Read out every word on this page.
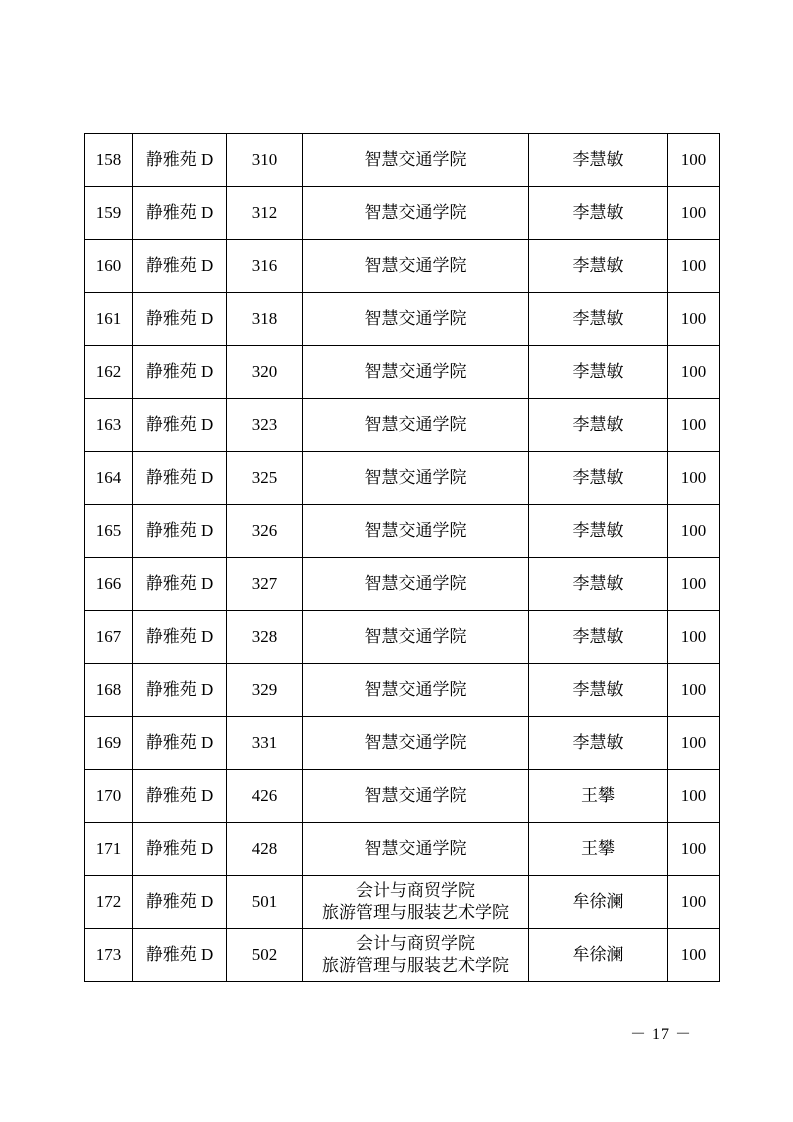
158	静雅苑 D	310	智慧交通学院	李慧敏	100
159	静雅苑 D	312	智慧交通学院	李慧敏	100
160	静雅苑 D	316	智慧交通学院	李慧敏	100
161	静雅苑 D	318	智慧交通学院	李慧敏	100
162	静雅苑 D	320	智慧交通学院	李慧敏	100
163	静雅苑 D	323	智慧交通学院	李慧敏	100
164	静雅苑 D	325	智慧交通学院	李慧敏	100
165	静雅苑 D	326	智慧交通学院	李慧敏	100
166	静雅苑 D	327	智慧交通学院	李慧敏	100
167	静雅苑 D	328	智慧交通学院	李慧敏	100
168	静雅苑 D	329	智慧交通学院	李慧敏	100
169	静雅苑 D	331	智慧交通学院	李慧敏	100
170	静雅苑 D	426	智慧交通学院	王攀	100
171	静雅苑 D	428	智慧交通学院	王攀	100
172	静雅苑 D	501	会计与商贸学院
旅游管理与服装艺术学院	牟徐澜	100
173	静雅苑 D	502	会计与商贸学院
旅游管理与服装艺术学院	牟徐澜	100
－ 17 －
